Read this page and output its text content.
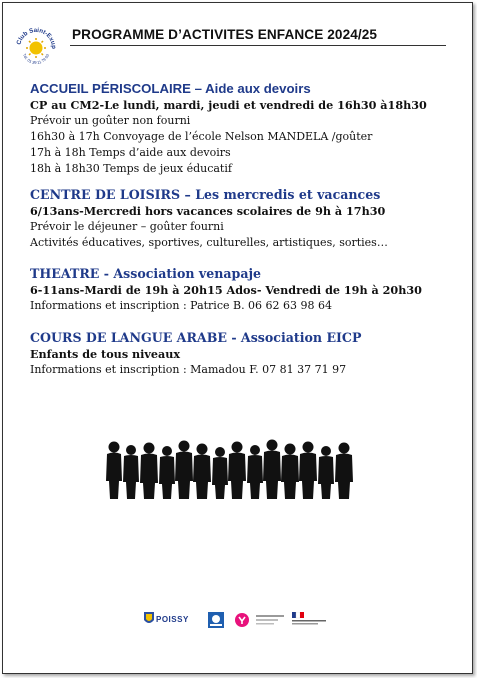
Club Saint-Exup
Tél. 01 39 11 79 03
PROGRAMME D’ACTIVITES ENFANCE 2024/25
ACCUEIL PÉRISCOLAIRE – Aide aux devoirs
CP au CM2-Le lundi, mardi, jeudi et vendredi de 16h30 à18h30
Prévoir un goûter non fourni
16h30 à 17h Convoyage de l’école Nelson MANDELA /goûter
17h à 18h Temps d’aide aux devoirs
18h à 18h30 Temps de jeux éducatif
CENTRE DE LOISIRS – Les mercredis et vacances
6/13ans-Mercredi hors vacances scolaires de 9h à 17h30
Prévoir le déjeuner – goûter fourni
Activités éducatives, sportives, culturelles, artistiques, sorties…
THEATRE - Association venapaje
6-11ans-Mardi de 19h à 20h15 Ados- Vendredi de 19h à 20h30
Informations et inscription : Patrice B. 06 62 63 98 64
COURS DE LANGUE ARABE - Association EICP
Enfants de tous niveaux
Informations et inscription : Mamadou F. 07 81 37 71 97
POISSY
